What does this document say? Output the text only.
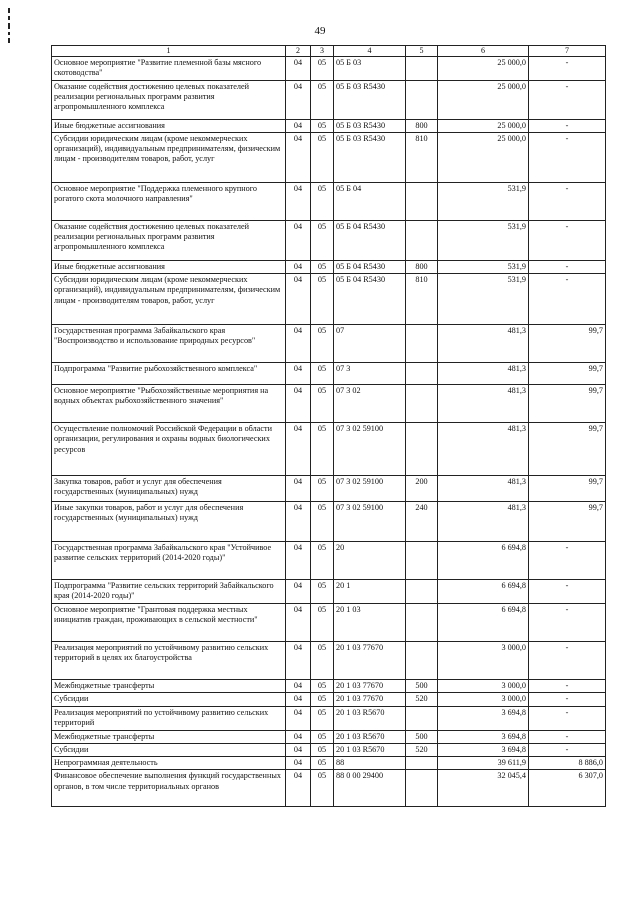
49
1	2	3	4	5	6	7
Основное мероприятие "Развитие племенной базы мясного скотоводства"	04	05	05 Б 03		25 000,0	-
Оказание содействия достижению целевых показателей реализации региональных программ развития агропромышленного комплекса	04	05	05 Б 03 R5430		25 000,0	-
Иные бюджетные ассигнования	04	05	05 Б 03 R5430	800	25 000,0	-
Субсидии юридическим лицам (кроме некоммерческих организаций), индивидуальным предпринимателям, физическим лицам - производителям товаров, работ, услуг	04	05	05 Б 03 R5430	810	25 000,0	-
Основное мероприятие "Поддержка племенного крупного рогатого скота молочного направления"	04	05	05 Б 04		531,9	-
Оказание содействия достижению целевых показателей реализации региональных программ развития агропромышленного комплекса	04	05	05 Б 04 R5430		531,9	-
Иные бюджетные ассигнования	04	05	05 Б 04 R5430	800	531,9	-
Субсидии юридическим лицам (кроме некоммерческих организаций), индивидуальным предпринимателям, физическим лицам - производителям товаров, работ, услуг	04	05	05 Б 04 R5430	810	531,9	-
Государственная программа Забайкальского края "Воспроизводство и использование природных ресурсов"	04	05	07		481,3	99,7
Подпрограмма "Развитие рыбохозяйственного комплекса"	04	05	07 3		481,3	99,7
Основное мероприятие "Рыбохозяйственные мероприятия на водных объектах рыбохозяйственного значения"	04	05	07 3 02		481,3	99,7
Осуществление полномочий Российской Федерации в области организации, регулирования и охраны водных биологических ресурсов	04	05	07 3 02 59100		481,3	99,7
Закупка товаров, работ и услуг для обеспечения государственных (муниципальных) нужд	04	05	07 3 02 59100	200	481,3	99,7
Иные закупки товаров, работ и услуг для обеспечения государственных (муниципальных) нужд	04	05	07 3 02 59100	240	481,3	99,7
Государственная программа Забайкальского края "Устойчивое развитие сельских территорий (2014-2020 годы)"	04	05	20		6 694,8	-
Подпрограмма "Развитие сельских территорий Забайкальского края (2014-2020 годы)"	04	05	20 1		6 694,8	-
Основное мероприятие "Грантовая поддержка местных инициатив граждан, проживающих в сельской местности"	04	05	20 1 03		6 694,8	-
Реализация мероприятий по устойчивому развитию сельских территорий в целях их благоустройства	04	05	20 1 03 77670		3 000,0	-
Межбюджетные трансферты	04	05	20 1 03 77670	500	3 000,0	-
Субсидии	04	05	20 1 03 77670	520	3 000,0	-
Реализация мероприятий по устойчивому развитию сельских территорий	04	05	20 1 03 R5670		3 694,8	-
Межбюджетные трансферты	04	05	20 1 03 R5670	500	3 694,8	-
Субсидии	04	05	20 1 03 R5670	520	3 694,8	-
Непрограммная деятельность	04	05	88		39 611,9	8 886,0
Финансовое обеспечение выполнения функций государственных органов, в том числе территориальных органов	04	05	88 0 00 29400		32 045,4	6 307,0
